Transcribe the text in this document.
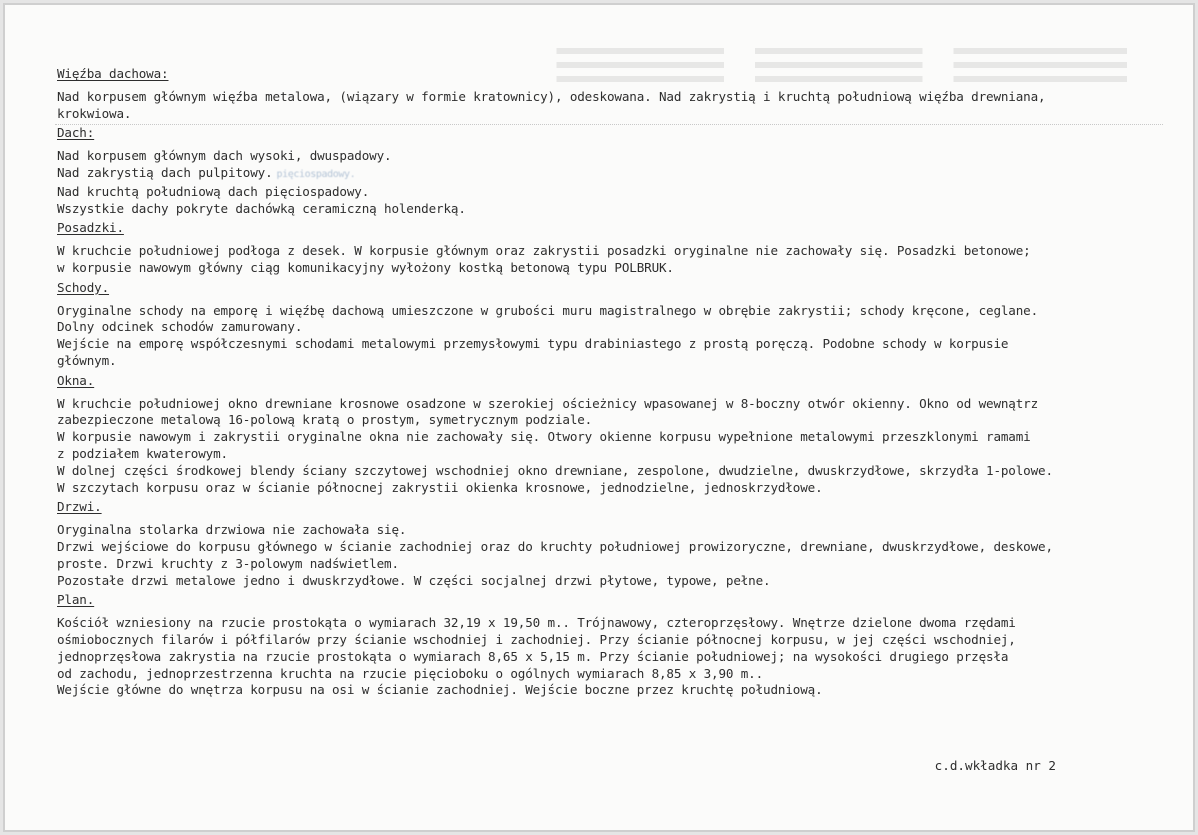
Więźba dachowa:
Nad korpusem głównym więźba metalowa, (wiązary w formie kratownicy), odeskowana. Nad zakrystią i kruchtą południową więźba drewniana,
krokwiowa.
Dach:
Nad korpusem głównym dach wysoki, dwuspadowy.
Nad zakrystią dach pulpitowy. pięciospadowy.
Nad kruchtą południową dach pięciospadowy.
Wszystkie dachy pokryte dachówką ceramiczną holenderką.
Posadzki.
W kruchcie południowej podłoga z desek. W korpusie głównym oraz zakrystii posadzki oryginalne nie zachowały się. Posadzki betonowe;
w korpusie nawowym główny ciąg komunikacyjny wyłożony kostką betonową typu POLBRUK.
Schody.
Oryginalne schody na emporę i więźbę dachową umieszczone w grubości muru magistralnego w obrębie zakrystii; schody kręcone, ceglane.
Dolny odcinek schodów zamurowany.
Wejście na emporę współczesnymi schodami metalowymi przemysłowymi typu drabiniastego z prostą poręczą. Podobne schody w korpusie
głównym.
Okna.
W kruchcie południowej okno drewniane krosnowe osadzone w szerokiej ościeżnicy wpasowanej w 8-boczny otwór okienny. Okno od wewnątrz
zabezpieczone metalową 16-polową kratą o prostym, symetrycznym podziale.
W korpusie nawowym i zakrystii oryginalne okna nie zachowały się. Otwory okienne korpusu wypełnione metalowymi przeszklonymi ramami
z podziałem kwaterowym.
W dolnej części środkowej blendy ściany szczytowej wschodniej okno drewniane, zespolone, dwudzielne, dwuskrzydłowe, skrzydła 1-polowe.
W szczytach korpusu oraz w ścianie północnej zakrystii okienka krosnowe, jednodzielne, jednoskrzydłowe.
Drzwi.
Oryginalna stolarka drzwiowa nie zachowała się.
Drzwi wejściowe do korpusu głównego w ścianie zachodniej oraz do kruchty południowej prowizoryczne, drewniane, dwuskrzydłowe, deskowe,
proste. Drzwi kruchty z 3-polowym nadświetlem.
Pozostałe drzwi metalowe jedno i dwuskrzydłowe. W części socjalnej drzwi płytowe, typowe, pełne.
Plan.
Kościół wzniesiony na rzucie prostokąta o wymiarach 32,19 x 19,50 m.. Trójnawowy, czteroprzęsłowy. Wnętrze dzielone dwoma rzędami
ośmiobocznych filarów i półfilarów przy ścianie wschodniej i zachodniej. Przy ścianie północnej korpusu, w jej części wschodniej,
jednoprzęsłowa zakrystia na rzucie prostokąta o wymiarach 8,65 x 5,15 m. Przy ścianie południowej; na wysokości drugiego przęsła
od zachodu, jednoprzestrzenna kruchta na rzucie pięcioboku o ogólnych wymiarach 8,85 x 3,90 m..
Wejście główne do wnętrza korpusu na osi w ścianie zachodniej. Wejście boczne przez kruchtę południową.
c.d.wkładka nr 2
